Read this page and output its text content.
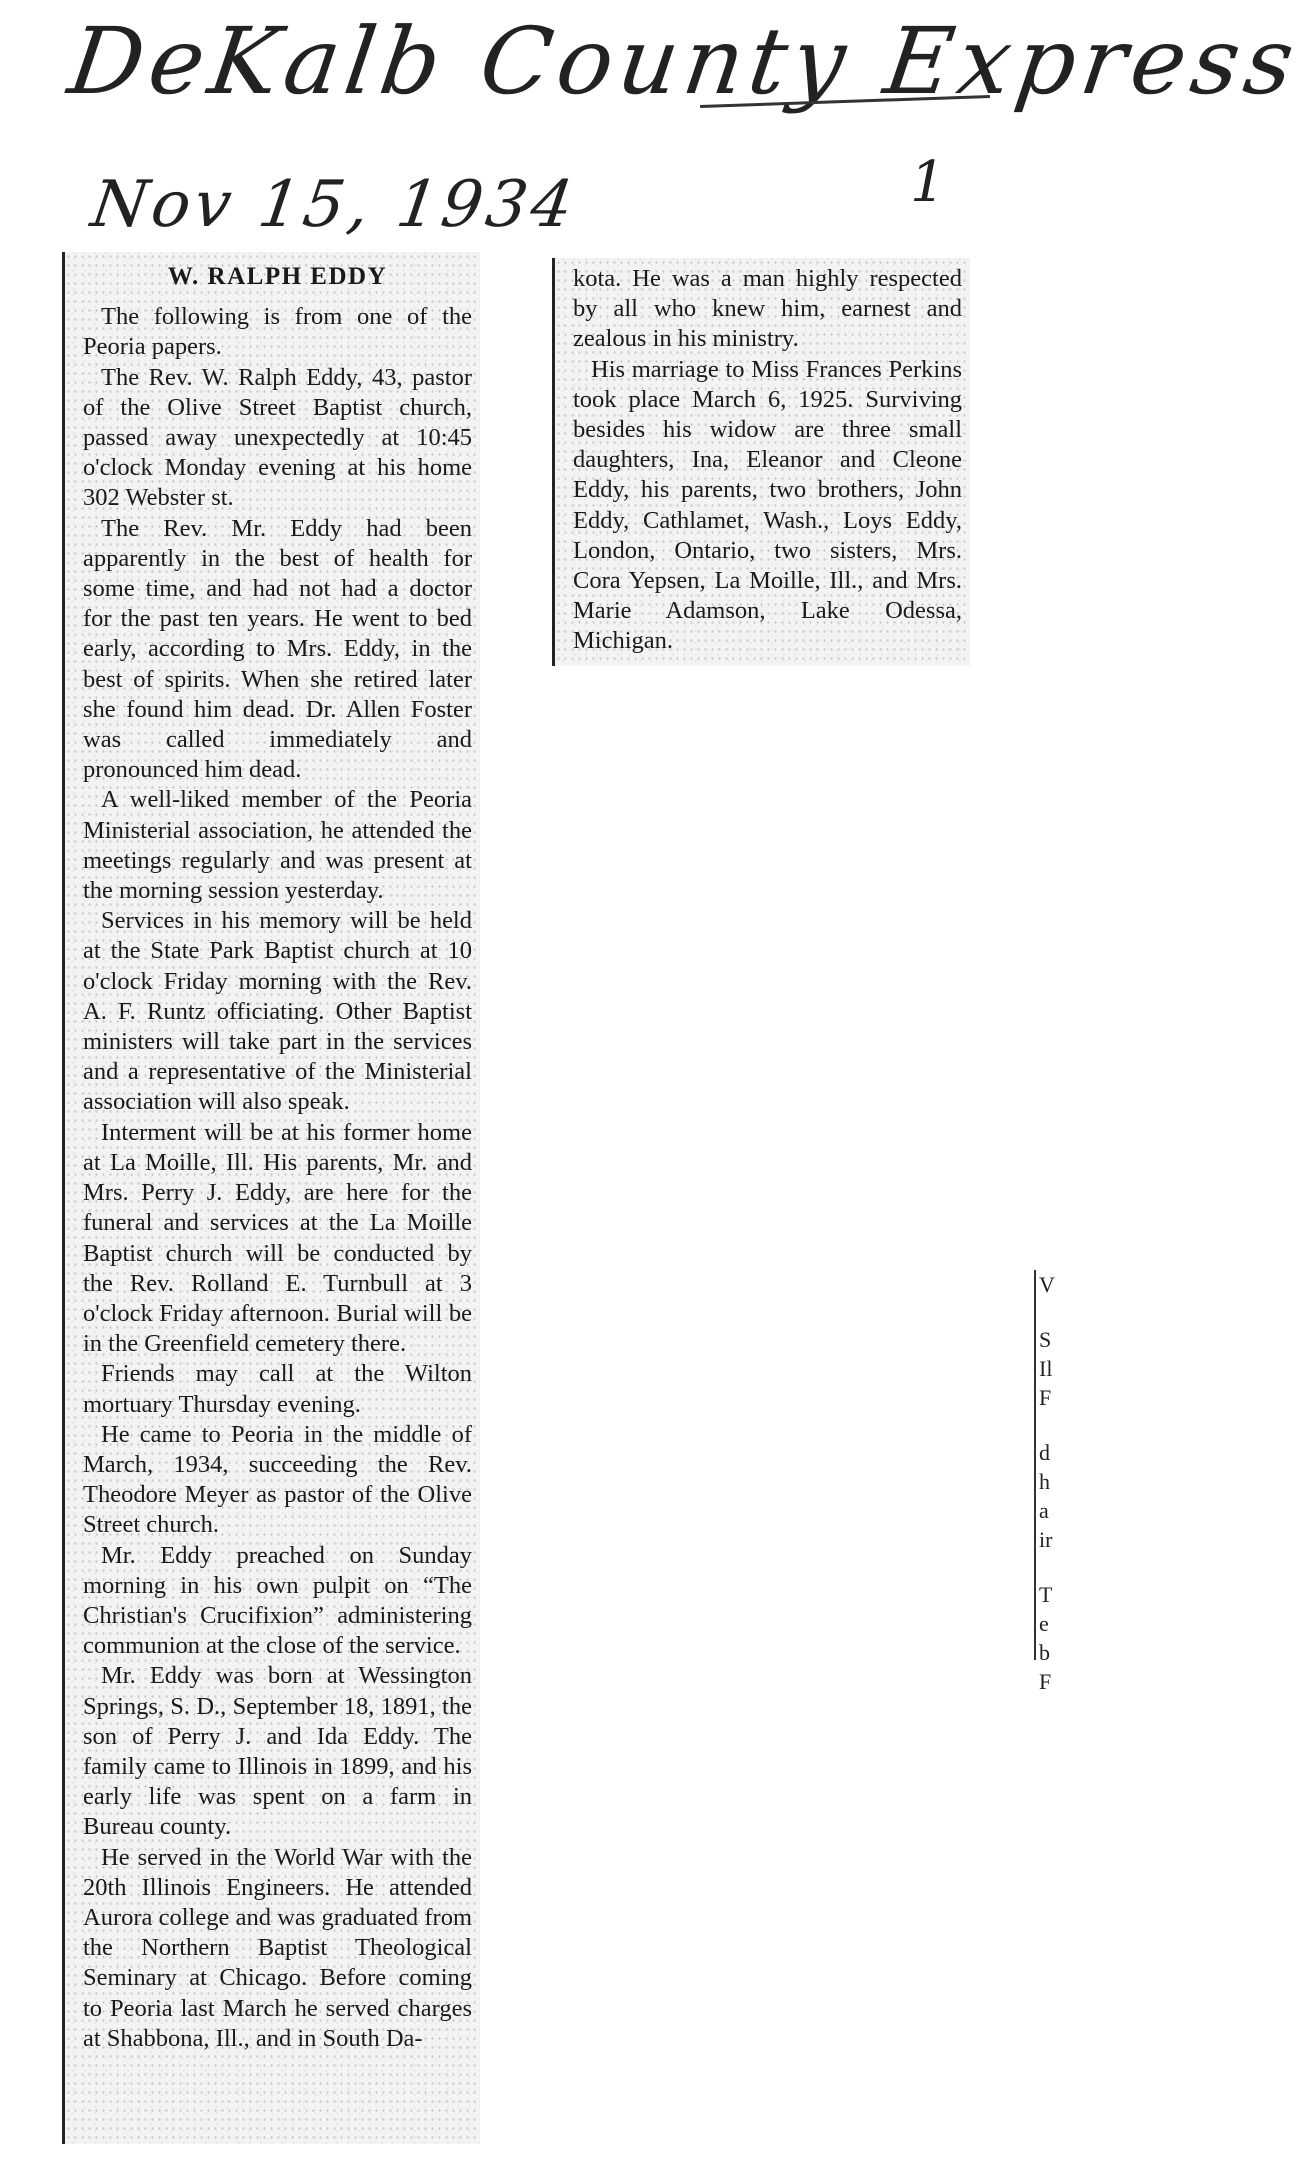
DeKalb County Express
Nov 15, 1934	1
W. RALPH EDDY

The following is from one of the Peoria papers.

The Rev. W. Ralph Eddy, 43, pastor of the Olive Street Baptist church, passed away unexpectedly at 10:45 o'clock Monday evening at his home 302 Webster st.

The Rev. Mr. Eddy had been apparently in the best of health for some time, and had not had a doctor for the past ten years. He went to bed early, according to Mrs. Eddy, in the best of spirits. When she retired later she found him dead. Dr. Allen Foster was called immediately and pronounced him dead.

A well-liked member of the Peoria Ministerial association, he attended the meetings regularly and was present at the morning session yesterday.

Services in his memory will be held at the State Park Baptist church at 10 o'clock Friday morning with the Rev. A. F. Runtz officiating. Other Baptist ministers will take part in the services and a representative of the Ministerial association will also speak.

Interment will be at his former home at La Moille, Ill. His parents, Mr. and Mrs. Perry J. Eddy, are here for the funeral and services at the La Moille Baptist church will be conducted by the Rev. Rolland E. Turnbull at 3 o'clock Friday afternoon. Burial will be in the Greenfield cemetery there.

Friends may call at the Wilton mortuary Thursday evening.

He came to Peoria in the middle of March, 1934, succeeding the Rev. Theodore Meyer as pastor of the Olive Street church.

Mr. Eddy preached on Sunday morning in his own pulpit on “The Christian's Crucifixion” administering communion at the close of the service.

Mr. Eddy was born at Wessington Springs, S. D., September 18, 1891, the son of Perry J. and Ida Eddy. The family came to Illinois in 1899, and his early life was spent on a farm in Bureau county.

He served in the World War with the 20th Illinois Engineers. He attended Aurora college and was graduated from the Northern Baptist Theological Seminary at Chicago. Before coming to Peoria last March he served charges at Shabbona, Ill., and in South Da-

kota. He was a man highly respected by all who knew him, earnest and zealous in his ministry.

His marriage to Miss Frances Perkins took place March 6, 1925. Surviving besides his widow are three small daughters, Ina, Eleanor and Cleone Eddy, his parents, two brothers, John Eddy, Cathlamet, Wash., Loys Eddy, London, Ontario, two sisters, Mrs. Cora Yepsen, La Moille, Ill., and Mrs. Marie Adamson, Lake Odessa, Michigan.

V
S
Il
F
d
h
a
ir
T
e
b
F
